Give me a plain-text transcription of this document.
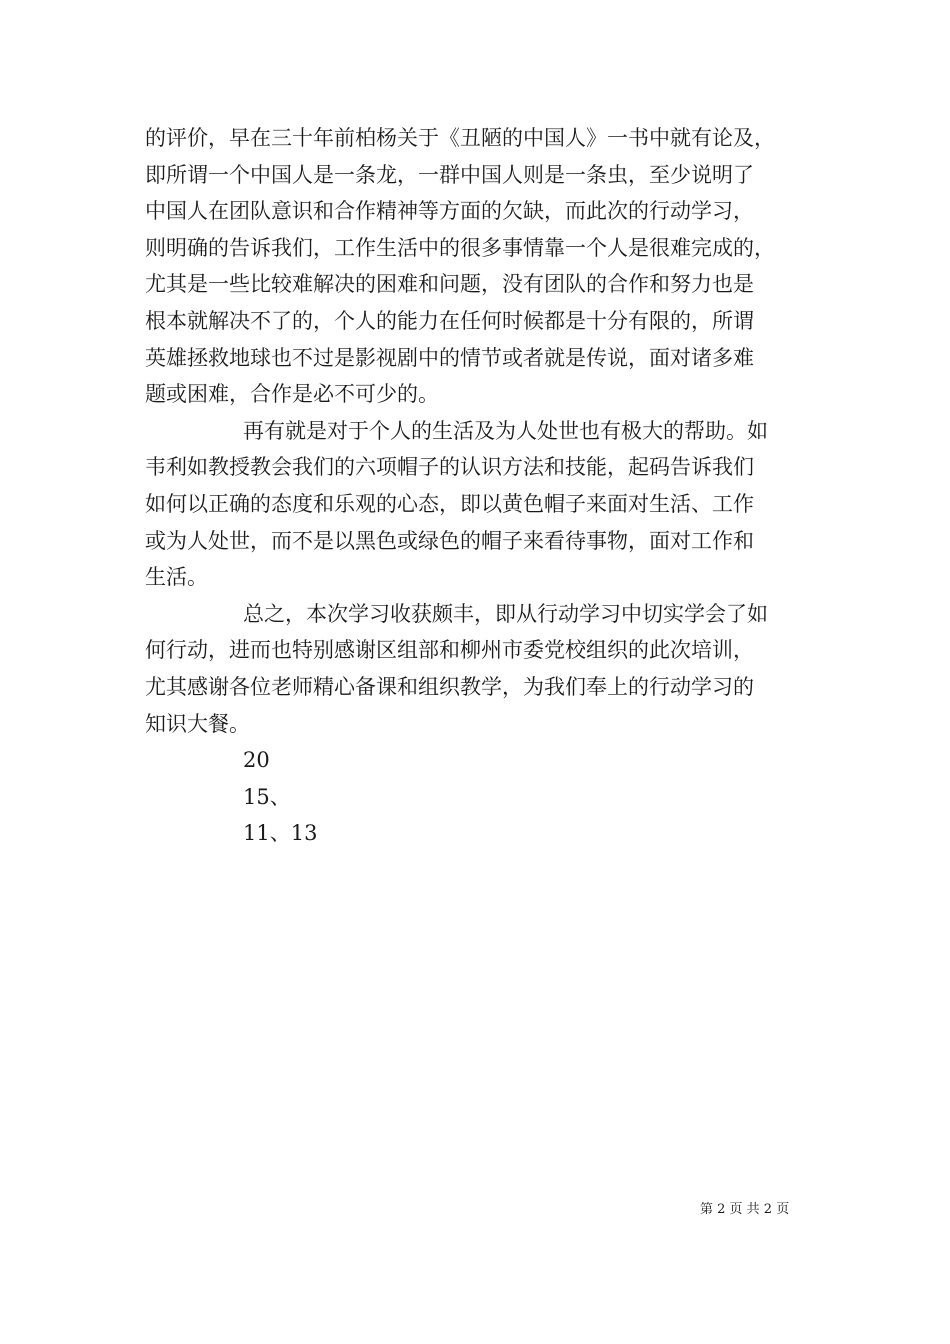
的评价，早在三十年前柏杨关于《丑陋的中国人》一书中就有论及，
即所谓一个中国人是一条龙，一群中国人则是一条虫，至少说明了
中国人在团队意识和合作精神等方面的欠缺，而此次的行动学习，
则明确的告诉我们，工作生活中的很多事情靠一个人是很难完成的，
尤其是一些比较难解决的困难和问题，没有团队的合作和努力也是
根本就解决不了的，个人的能力在任何时候都是十分有限的，所谓
英雄拯救地球也不过是影视剧中的情节或者就是传说，面对诸多难
题或困难，合作是必不可少的。
再有就是对于个人的生活及为人处世也有极大的帮助。如
韦利如教授教会我们的六项帽子的认识方法和技能，起码告诉我们
如何以正确的态度和乐观的心态，即以黄色帽子来面对生活、工作
或为人处世，而不是以黑色或绿色的帽子来看待事物，面对工作和
生活。
总之，本次学习收获颇丰，即从行动学习中切实学会了如
何行动，进而也特别感谢区组部和柳州市委党校组织的此次培训，
尤其感谢各位老师精心备课和组织教学，为我们奉上的行动学习的
知识大餐。
20
15、
11、13
第 2 页 共 2 页
